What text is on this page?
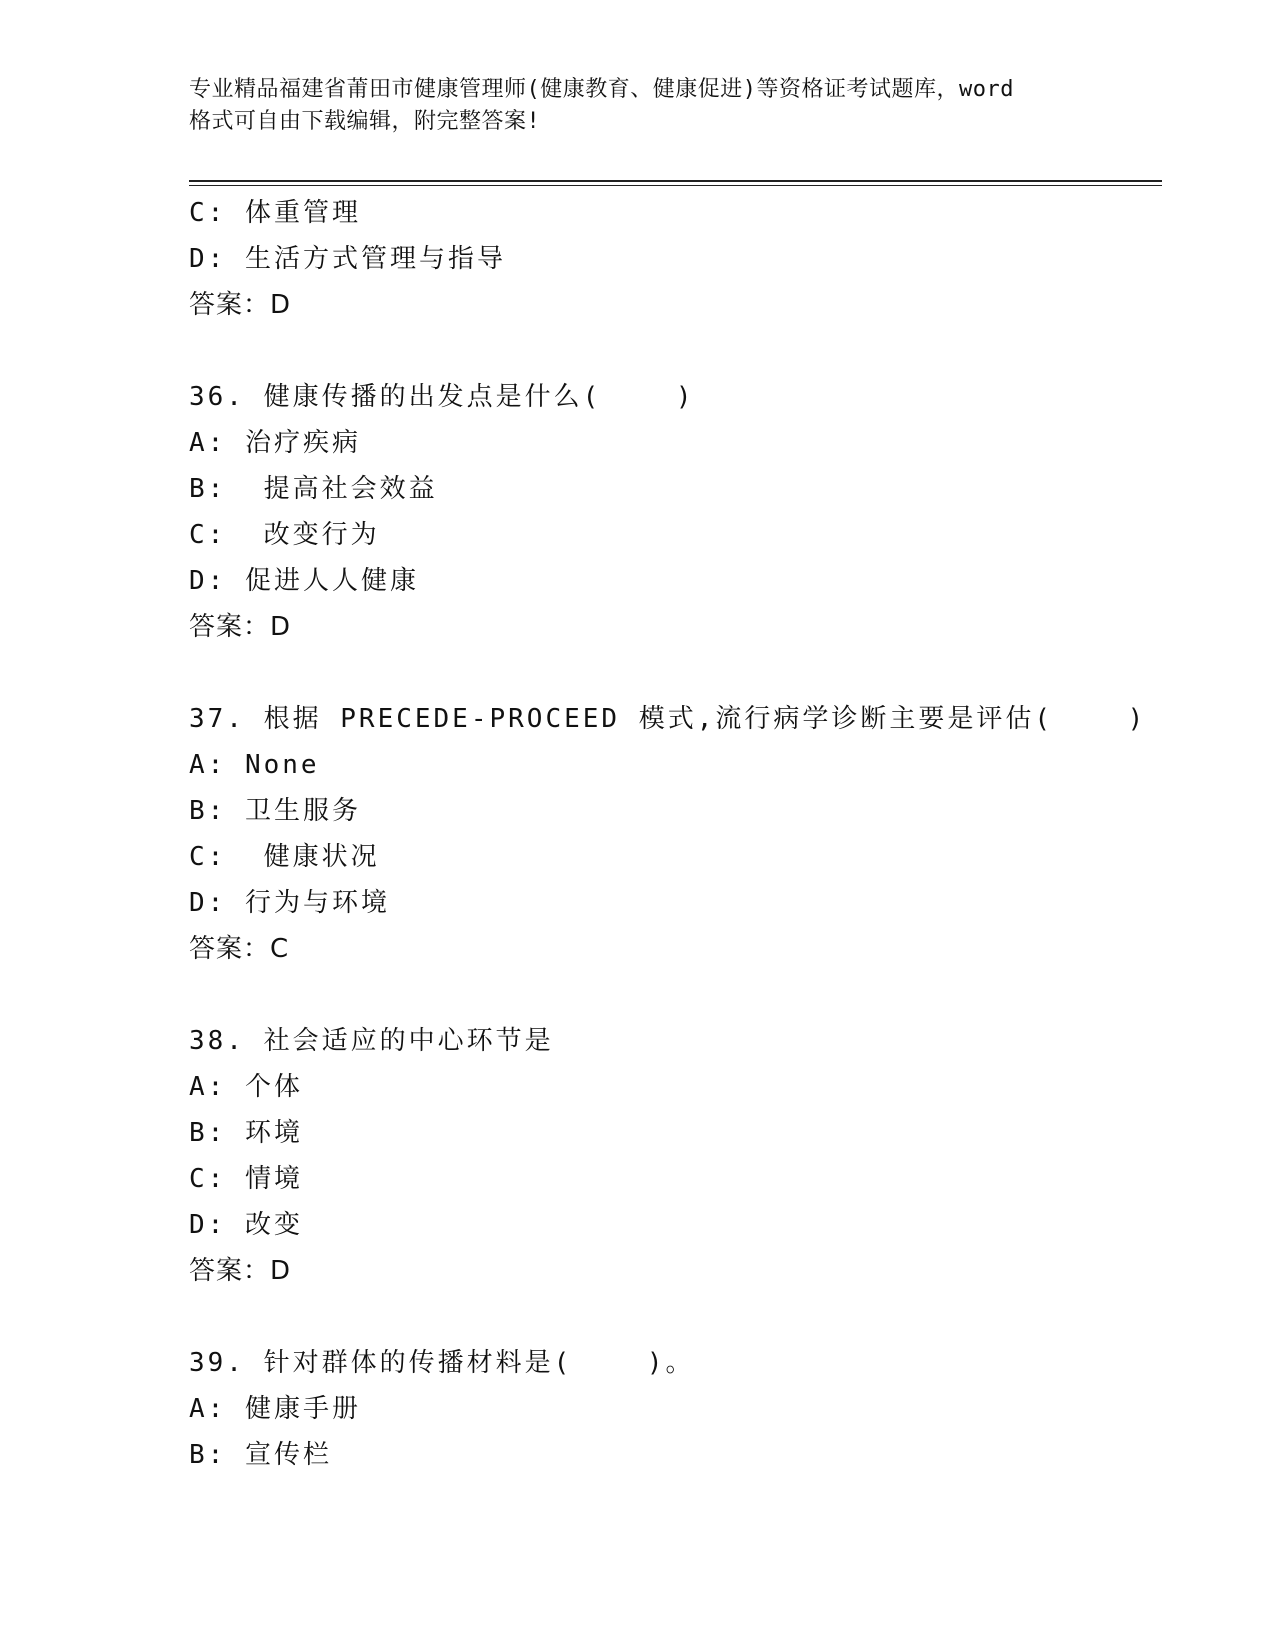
专业精品福建省莆田市健康管理师(健康教育、健康促进)等资格证考试题库，word
格式可自由下载编辑，附完整答案!
C: 体重管理
D: 生活方式管理与指导
答案：D
36. 健康传播的出发点是什么(    )
A: 治疗疾病
B:  提高社会效益
C:  改变行为
D: 促进人人健康
答案：D
37. 根据 PRECEDE-PROCEED 模式,流行病学诊断主要是评估(    )
A: None
B: 卫生服务
C:  健康状况
D: 行为与环境
答案：C
38. 社会适应的中心环节是
A: 个体
B: 环境
C: 情境
D: 改变
答案：D
39. 针对群体的传播材料是(    )。
A: 健康手册
B: 宣传栏
